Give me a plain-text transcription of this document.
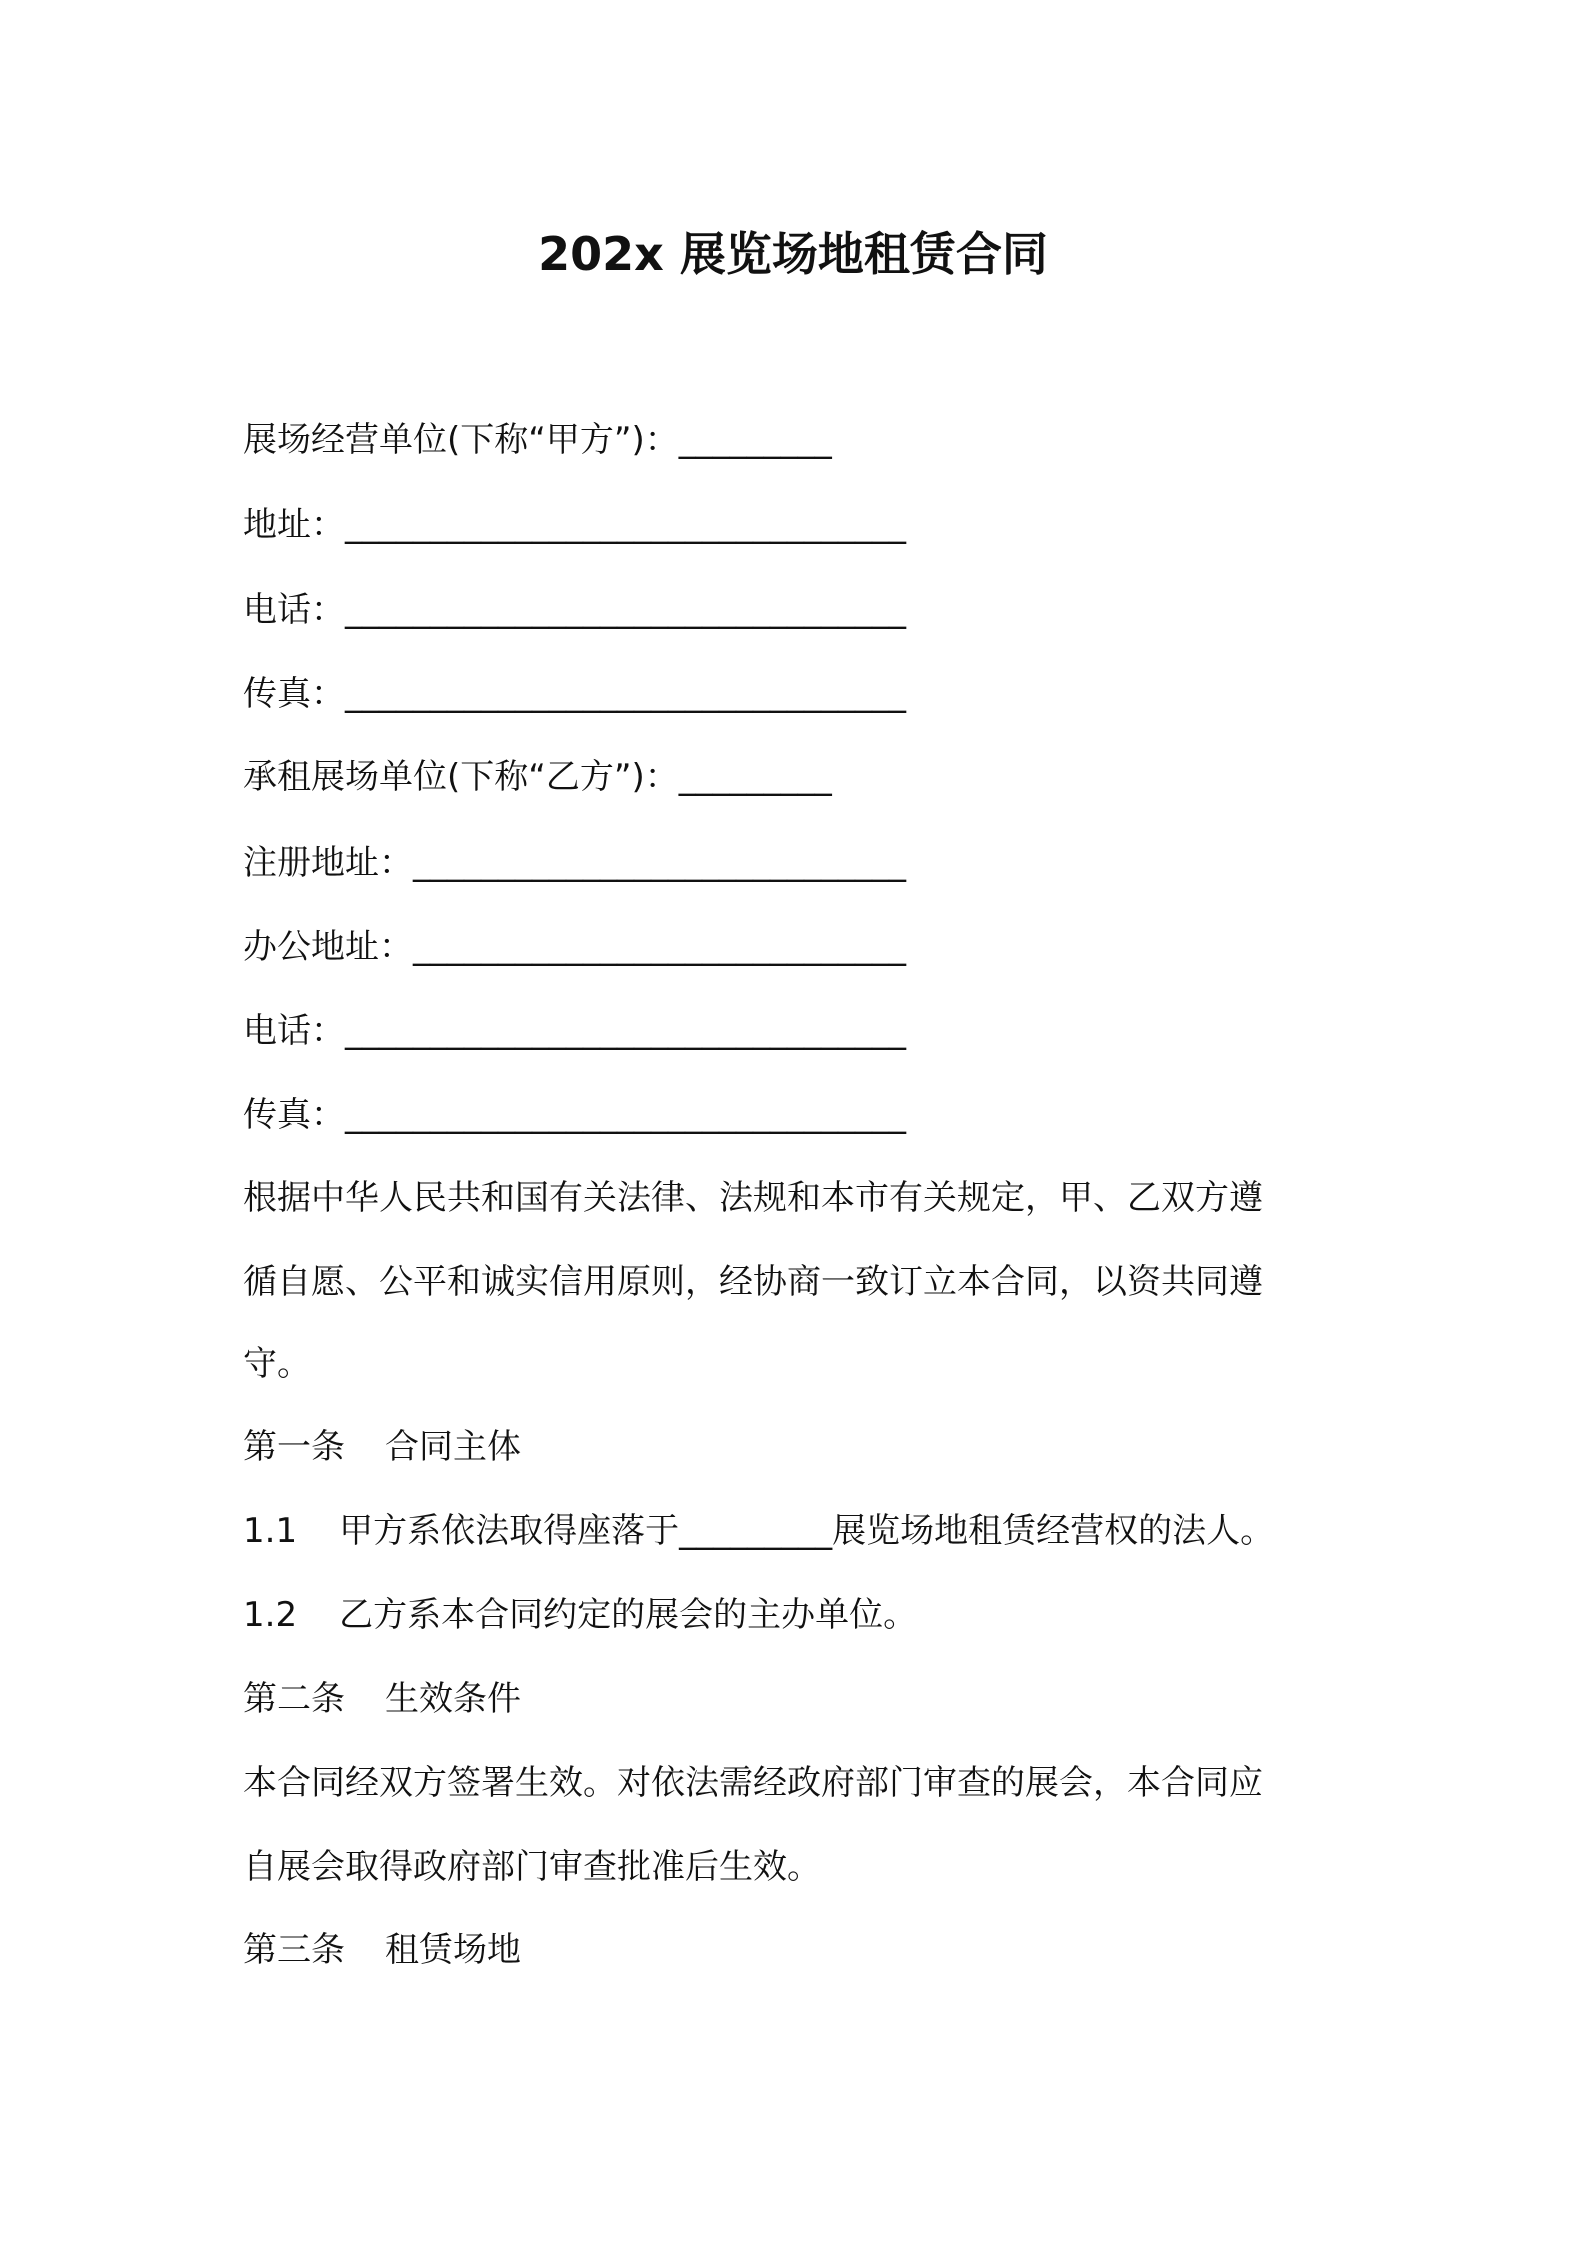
202x 展览场地租赁合同
展场经营单位(下称“甲方”)：_________
地址：_________________________________
电话：_________________________________
传真：_________________________________
承租展场单位(下称“乙方”)：_________
注册地址：_____________________________
办公地址：_____________________________
电话：_________________________________
传真：_________________________________
根据中华人民共和国有关法律、法规和本市有关规定，甲、乙双方遵
循自愿、公平和诚实信用原则，经协商一致订立本合同，以资共同遵
守。
第一条 合同主体
1.1 甲方系依法取得座落于_________展览场地租赁经营权的法人。
1.2 乙方系本合同约定的展会的主办单位。
第二条 生效条件
本合同经双方签署生效。对依法需经政府部门审查的展会，本合同应
自展会取得政府部门审查批准后生效。
第三条 租赁场地
